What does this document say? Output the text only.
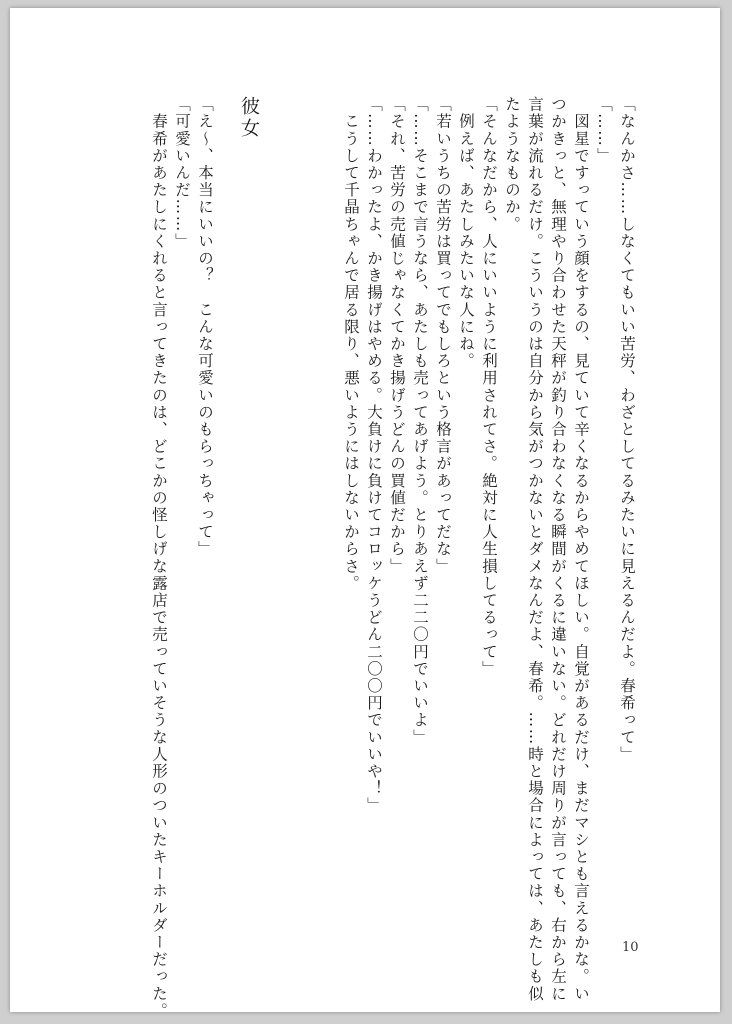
「なんかさ……しなくてもいい苦労、わざとしてるみたいに見えるんだよ。春希って」
「……」
　図星ですっていう顔をするの、見ていて辛くなるからやめてほしい。自覚があるだけ、まだマシとも言えるかな。い
つかきっと、無理やり合わせた天秤が釣り合わなくなる瞬間がくるに違いない。どれだけ周りが言っても、右から左に
言葉が流れるだけ。こういうのは自分から気がつかないとダメなんだよ、春希。……時と場合によっては、あたしも似
たようなものか。
「そんなだから、人にいいように利用されてさ。絶対に人生損してるって」
　例えば、あたしみたいな人にね。
「若いうちの苦労は買ってでもしろという格言があってだな」
「……そこまで言うなら、あたしも売ってあげよう。とりあえず二二〇円でいいよ」
「それ、苦労の売値じゃなくてかき揚げうどんの買値だから」
「……わかったよ、かき揚げはやめる。大負けに負けてコロッケうどん二〇〇円でいいや！」
　こうして千晶ちゃんで居る限り、悪いようにはしないからさ。
彼女
「え〜、本当にいいの？　こんな可愛いのもらっちゃって」
「可愛いんだ……」
　春希があたしにくれると言ってきたのは、どこかの怪しげな露店で売っていそうな人形のついたキーホルダーだった。	10
